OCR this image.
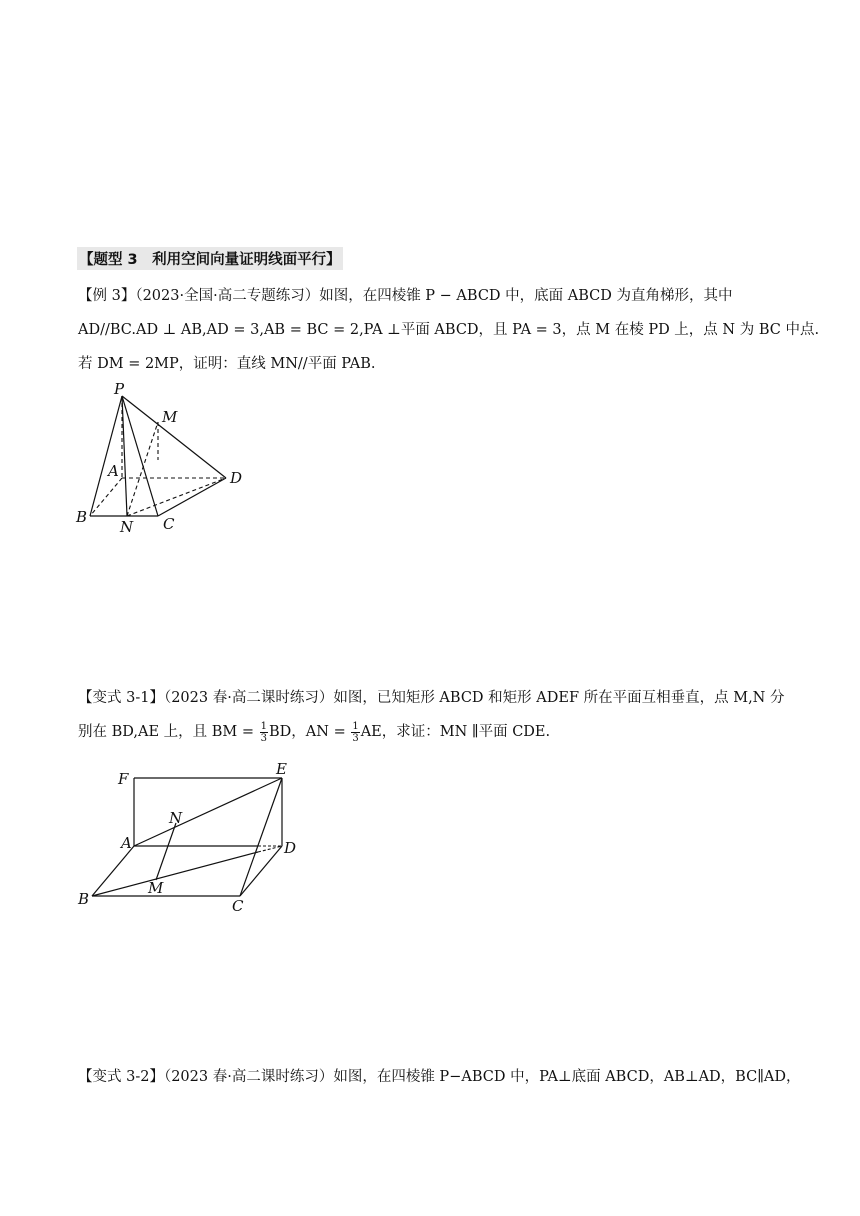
【题型 3　利用空间向量证明线面平行】
【例 3】（2023·全国·高二专题练习）如图，在四棱锥 P − ABCD 中，底面 ABCD 为直角梯形，其中
AD//BC.AD ⊥ AB,AD = 3,AB = BC = 2,PA ⊥平面 ABCD，且 PA = 3，点 M 在棱 PD 上，点 N 为 BC 中点.
若 DM = 2MP，证明：直线 MN//平面 PAB.
P
M
A	D
B
N C
【变式 3-1】（2023 春·高二课时练习）如图，已知矩形 ABCD 和矩形 ADEF 所在平面互相垂直，点 M,N 分
别在 BD,AE 上，且 BM = $\frac{1}{3}$ BD，AN = $\frac{1}{3}$ AE，求证：MN ∥平面 CDE.
F
E
N
A	D
B
M
C
【变式 3-2】（2023 春·高二课时练习）如图，在四棱锥 P−ABCD 中，PA⊥底面 ABCD，AB⊥AD，BC∥AD，
